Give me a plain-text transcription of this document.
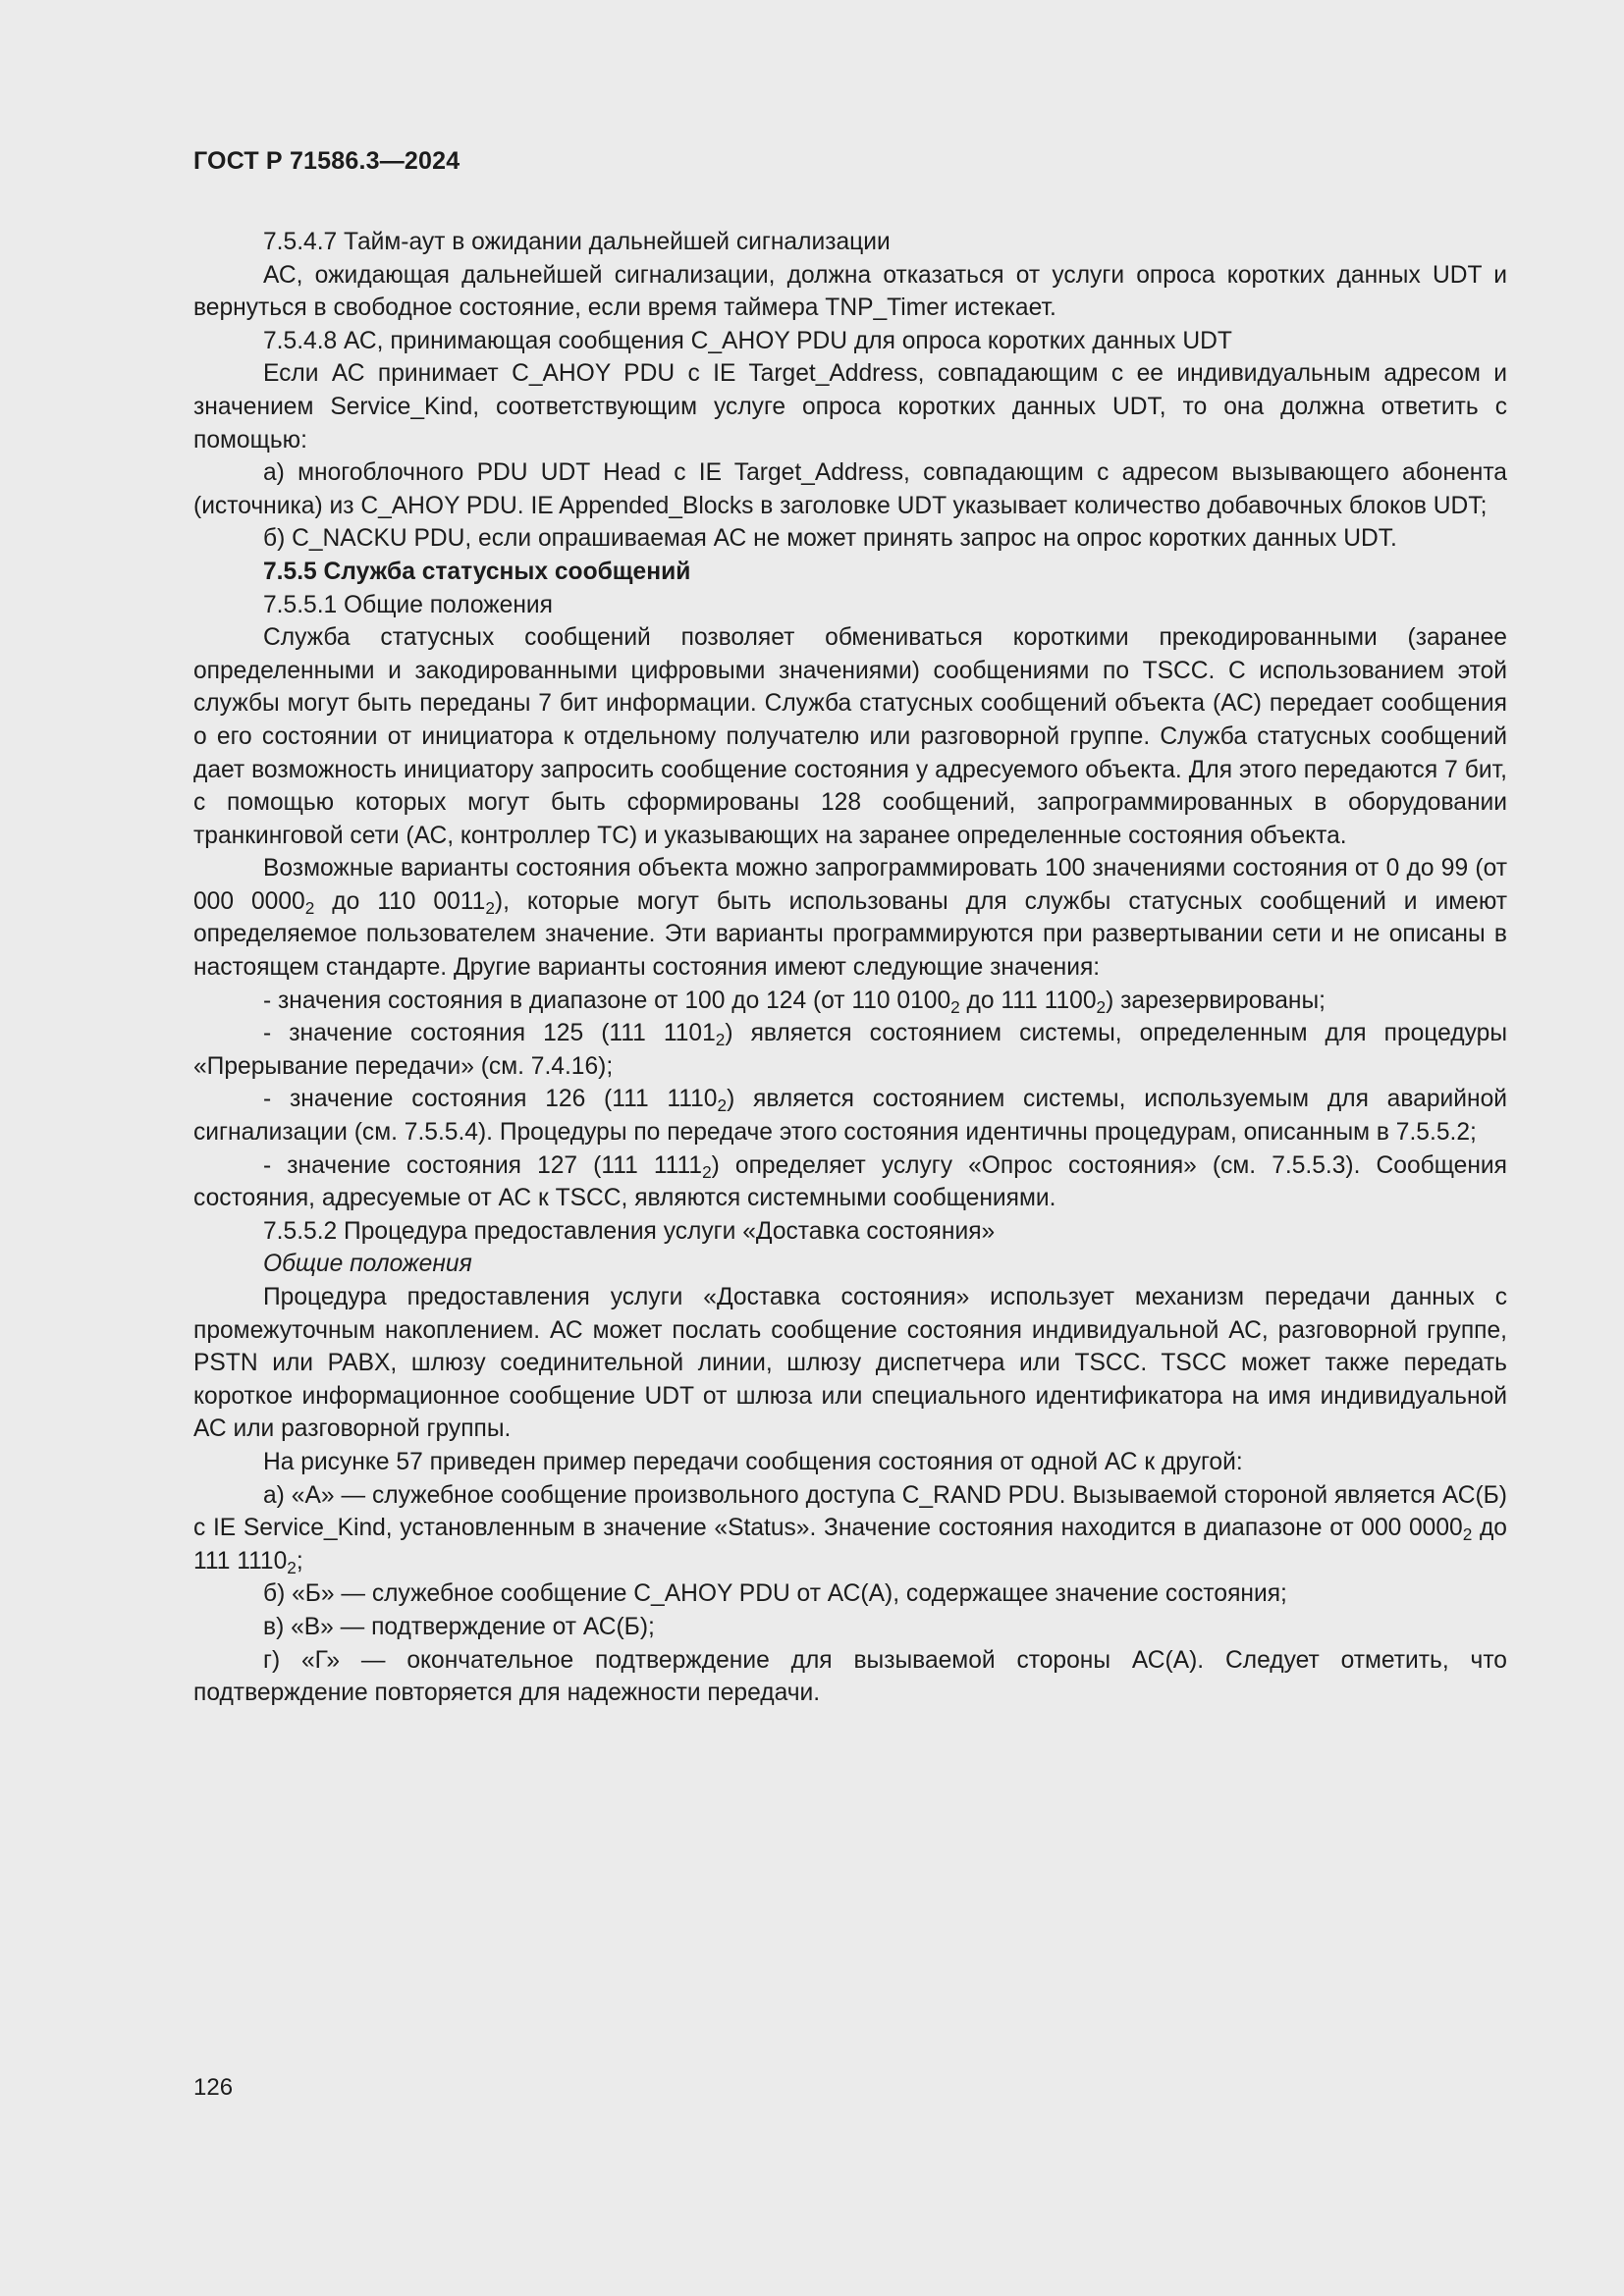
ГОСТ Р 71586.3—2024

7.5.4.7 Тайм-аут в ожидании дальнейшей сигнализации

АС, ожидающая дальнейшей сигнализации, должна отказаться от услуги опроса коротких данных UDT и вернуться в свободное состояние, если время таймера TNP_Timer истекает.

7.5.4.8 АС, принимающая сообщения C_AHOY PDU для опроса коротких данных UDT

Если АС принимает C_AHOY PDU с IE Target_Address, совпадающим с ее индивидуальным адресом и значением Service_Kind, соответствующим услуге опроса коротких данных UDT, то она должна ответить с помощью:

а) многоблочного PDU UDT Head с IE Target_Address, совпадающим с адресом вызывающего абонента (источника) из C_AHOY PDU. IE Appended_Blocks в заголовке UDT указывает количество добавочных блоков UDT;

б) C_NACKU PDU, если опрашиваемая АС не может принять запрос на опрос коротких данных UDT.

7.5.5 Служба статусных сообщений

7.5.5.1 Общие положения

Служба статусных сообщений позволяет обмениваться короткими прекодированными (заранее определенными и закодированными цифровыми значениями) сообщениями по TSCC. С использованием этой службы могут быть переданы 7 бит информации. Служба статусных сообщений объекта (АС) передает сообщения о его состоянии от инициатора к отдельному получателю или разговорной группе. Служба статусных сообщений дает возможность инициатору запросить сообщение состояния у адресуемого объекта. Для этого передаются 7 бит, с помощью которых могут быть сформированы 128 сообщений, запрограммированных в оборудовании транкинговой сети (АС, контроллер ТС) и указывающих на заранее определенные состояния объекта.

Возможные варианты состояния объекта можно запрограммировать 100 значениями состояния от 0 до 99 (от 000 $0000_2$ до 110 $0011_2$), которые могут быть использованы для службы статусных сообщений и имеют определяемое пользователем значение. Эти варианты программируются при развертывании сети и не описаны в настоящем стандарте. Другие варианты состояния имеют следующие значения:

- значения состояния в диапазоне от 100 до 124 (от 110 $0100_2$ до 111 $1100_2$) зарезервированы;

- значение состояния 125 (111 $1101_2$) является состоянием системы, определенным для процедуры «Прерывание передачи» (см. 7.4.16);

- значение состояния 126 (111 $1110_2$) является состоянием системы, используемым для аварийной сигнализации (см. 7.5.5.4). Процедуры по передаче этого состояния идентичны процедурам, описанным в 7.5.5.2;

- значение состояния 127 (111 $1111_2$) определяет услугу «Опрос состояния» (см. 7.5.5.3). Сообщения состояния, адресуемые от АС к TSCC, являются системными сообщениями.

7.5.5.2 Процедура предоставления услуги «Доставка состояния»

Общие положения

Процедура предоставления услуги «Доставка состояния» использует механизм передачи данных с промежуточным накоплением. АС может послать сообщение состояния индивидуальной АС, разговорной группе, PSTN или PABX, шлюзу соединительной линии, шлюзу диспетчера или TSCC. TSCC может также передать короткое информационное сообщение UDT от шлюза или специального идентификатора на имя индивидуальной АС или разговорной группы.

На рисунке 57 приведен пример передачи сообщения состояния от одной АС к другой:

а) «A» — служебное сообщение произвольного доступа C_RAND PDU. Вызываемой стороной является АС(Б) с IE Service_Kind, установленным в значение «Status». Значение состояния находится в диапазоне от 000 $0000_2$ до 111 $1110_2$;

б) «Б» — служебное сообщение C_AHOY PDU от АС(А), содержащее значение состояния;

в) «В» — подтверждение от АС(Б);

г) «Г» — окончательное подтверждение для вызываемой стороны АС(А). Следует отметить, что подтверждение повторяется для надежности передачи.

126
